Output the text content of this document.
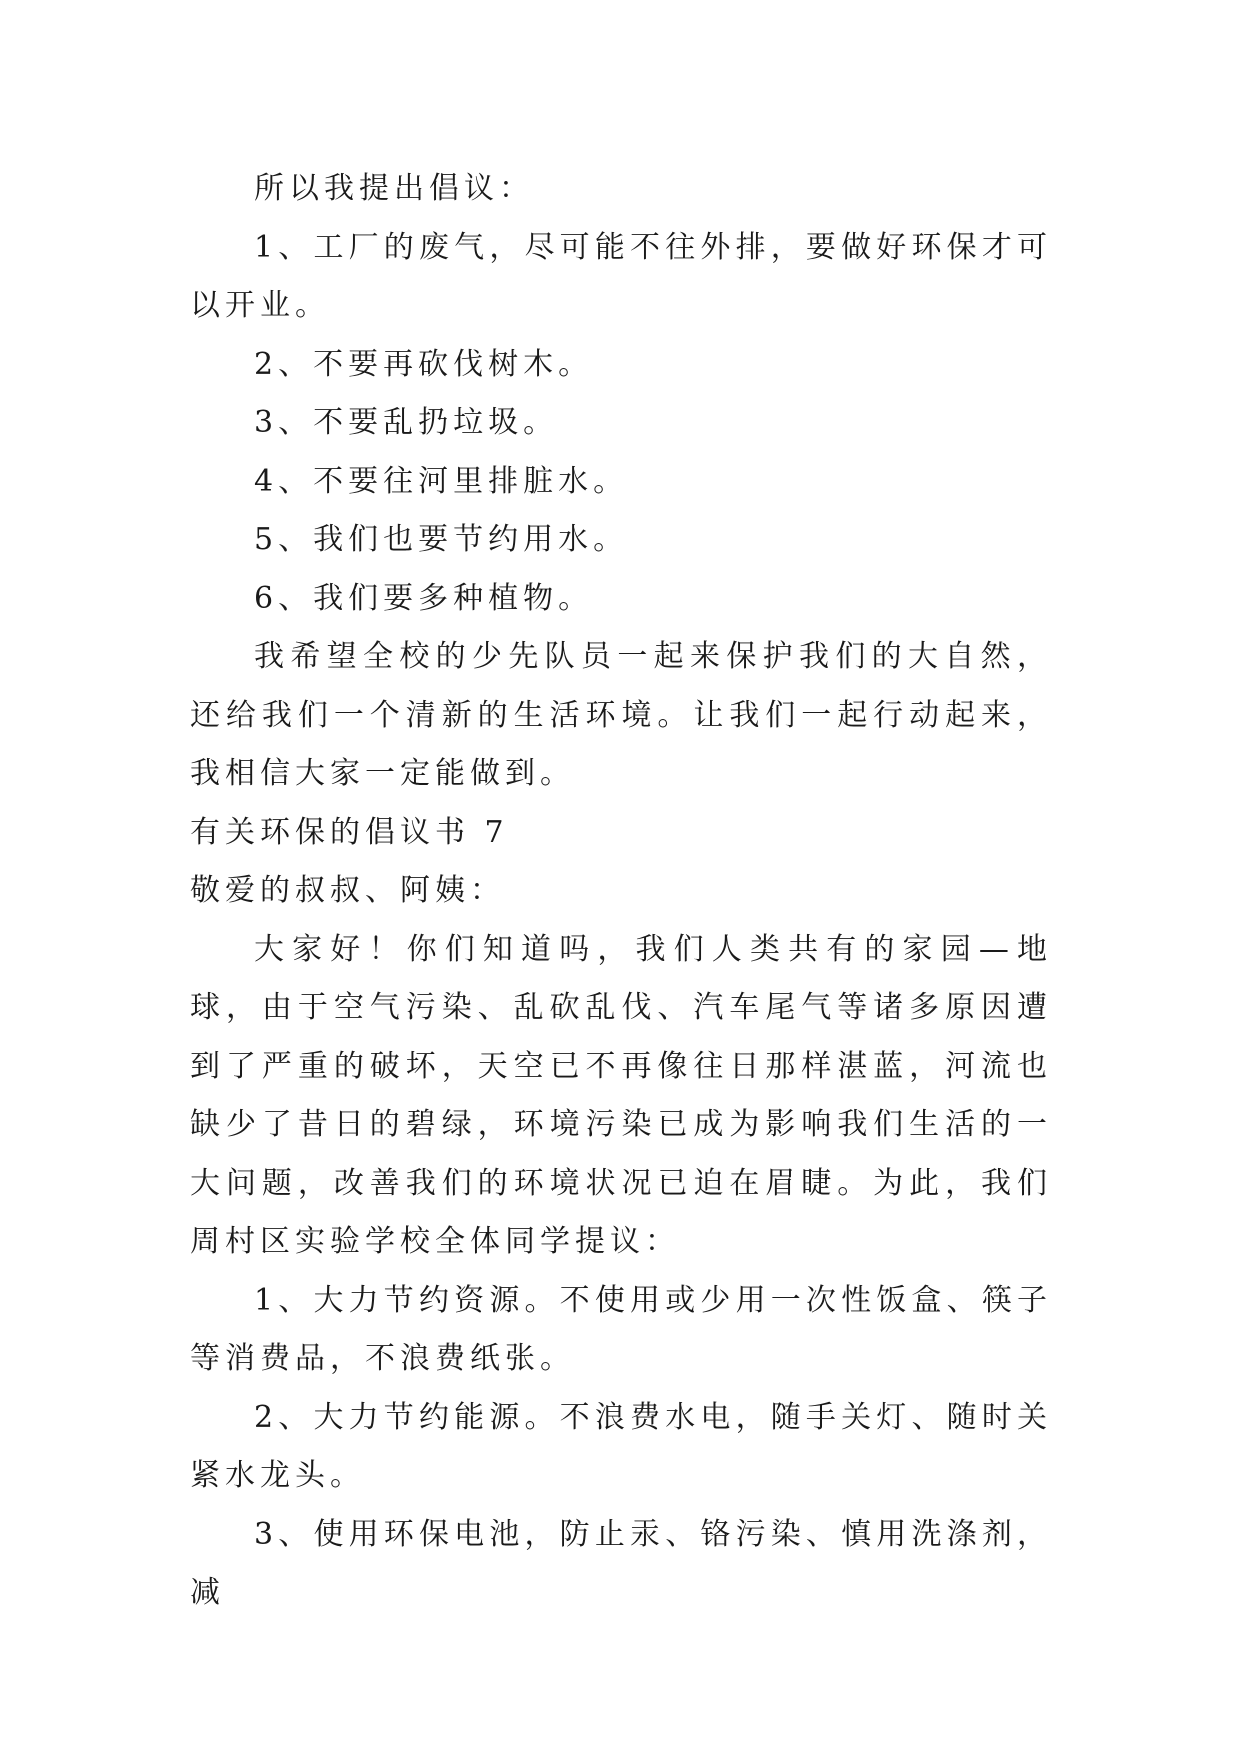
所以我提出倡议：

1、工厂的废气，尽可能不往外排，要做好环保才可以开业。

2、不要再砍伐树木。

3、不要乱扔垃圾。

4、不要往河里排脏水。

5、我们也要节约用水。

6、我们要多种植物。

我希望全校的少先队员一起来保护我们的大自然，还给我们一个清新的生活环境。让我们一起行动起来，我相信大家一定能做到。

有关环保的倡议书 7
敬爱的叔叔、阿姨：

大家好！你们知道吗，我们人类共有的家园—地球，由于空气污染、乱砍乱伐、汽车尾气等诸多原因遭到了严重的破坏，天空已不再像往日那样湛蓝，河流也缺少了昔日的碧绿，环境污染已成为影响我们生活的一大问题，改善我们的环境状况已迫在眉睫。为此，我们周村区实验学校全体同学提议：

1、大力节约资源。不使用或少用一次性饭盒、筷子等消费品，不浪费纸张。

2、大力节约能源。不浪费水电，随手关灯、随时关紧水龙头。

3、使用环保电池，防止汞、铬污染、慎用洗涤剂，减
